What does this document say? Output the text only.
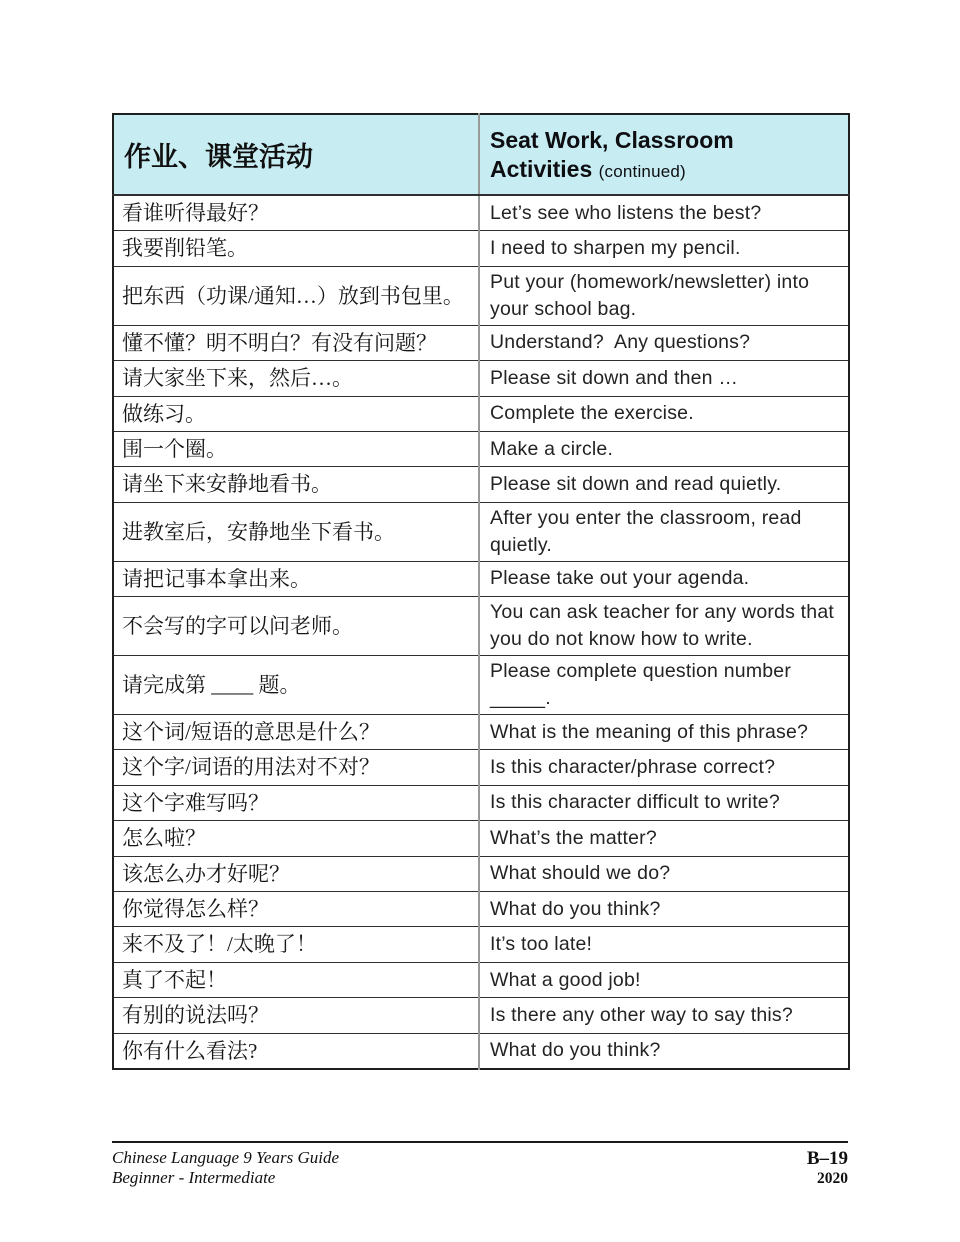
作业、课堂活动	Seat Work, Classroom Activities (continued)
看谁听得最好？	Let’s see who listens the best?
我要削铅笔。	I need to sharpen my pencil.
把东西（功课/通知…）放到书包里。	Put your (homework/newsletter) into your school bag.
懂不懂？明不明白？有没有问题？	Understand?  Any questions?
请大家坐下来，然后…。	Please sit down and then …
做练习。	Complete the exercise.
围一个圈。	Make a circle.
请坐下来安静地看书。	Please sit down and read quietly.
进教室后，安静地坐下看书。	After you enter the classroom, read quietly.
请把记事本拿出来。	Please take out your agenda.
不会写的字可以问老师。	You can ask teacher for any words that you do not know how to write.
请完成第 ____ 题。	Please complete question number _____.
这个词/短语的意思是什么？	What is the meaning of this phrase?
这个字/词语的用法对不对？	Is this character/phrase correct?
这个字难写吗？	Is this character difficult to write?
怎么啦？	What’s the matter?
该怎么办才好呢？	What should we do?
你觉得怎么样？	What do you think?
来不及了！/太晚了！	It’s too late!
真了不起！	What a good job!
有别的说法吗？	Is there any other way to say this?
你有什么看法?	What do you think?
Chinese Language 9 Years Guide
Beginner - Intermediate
B–19
2020
